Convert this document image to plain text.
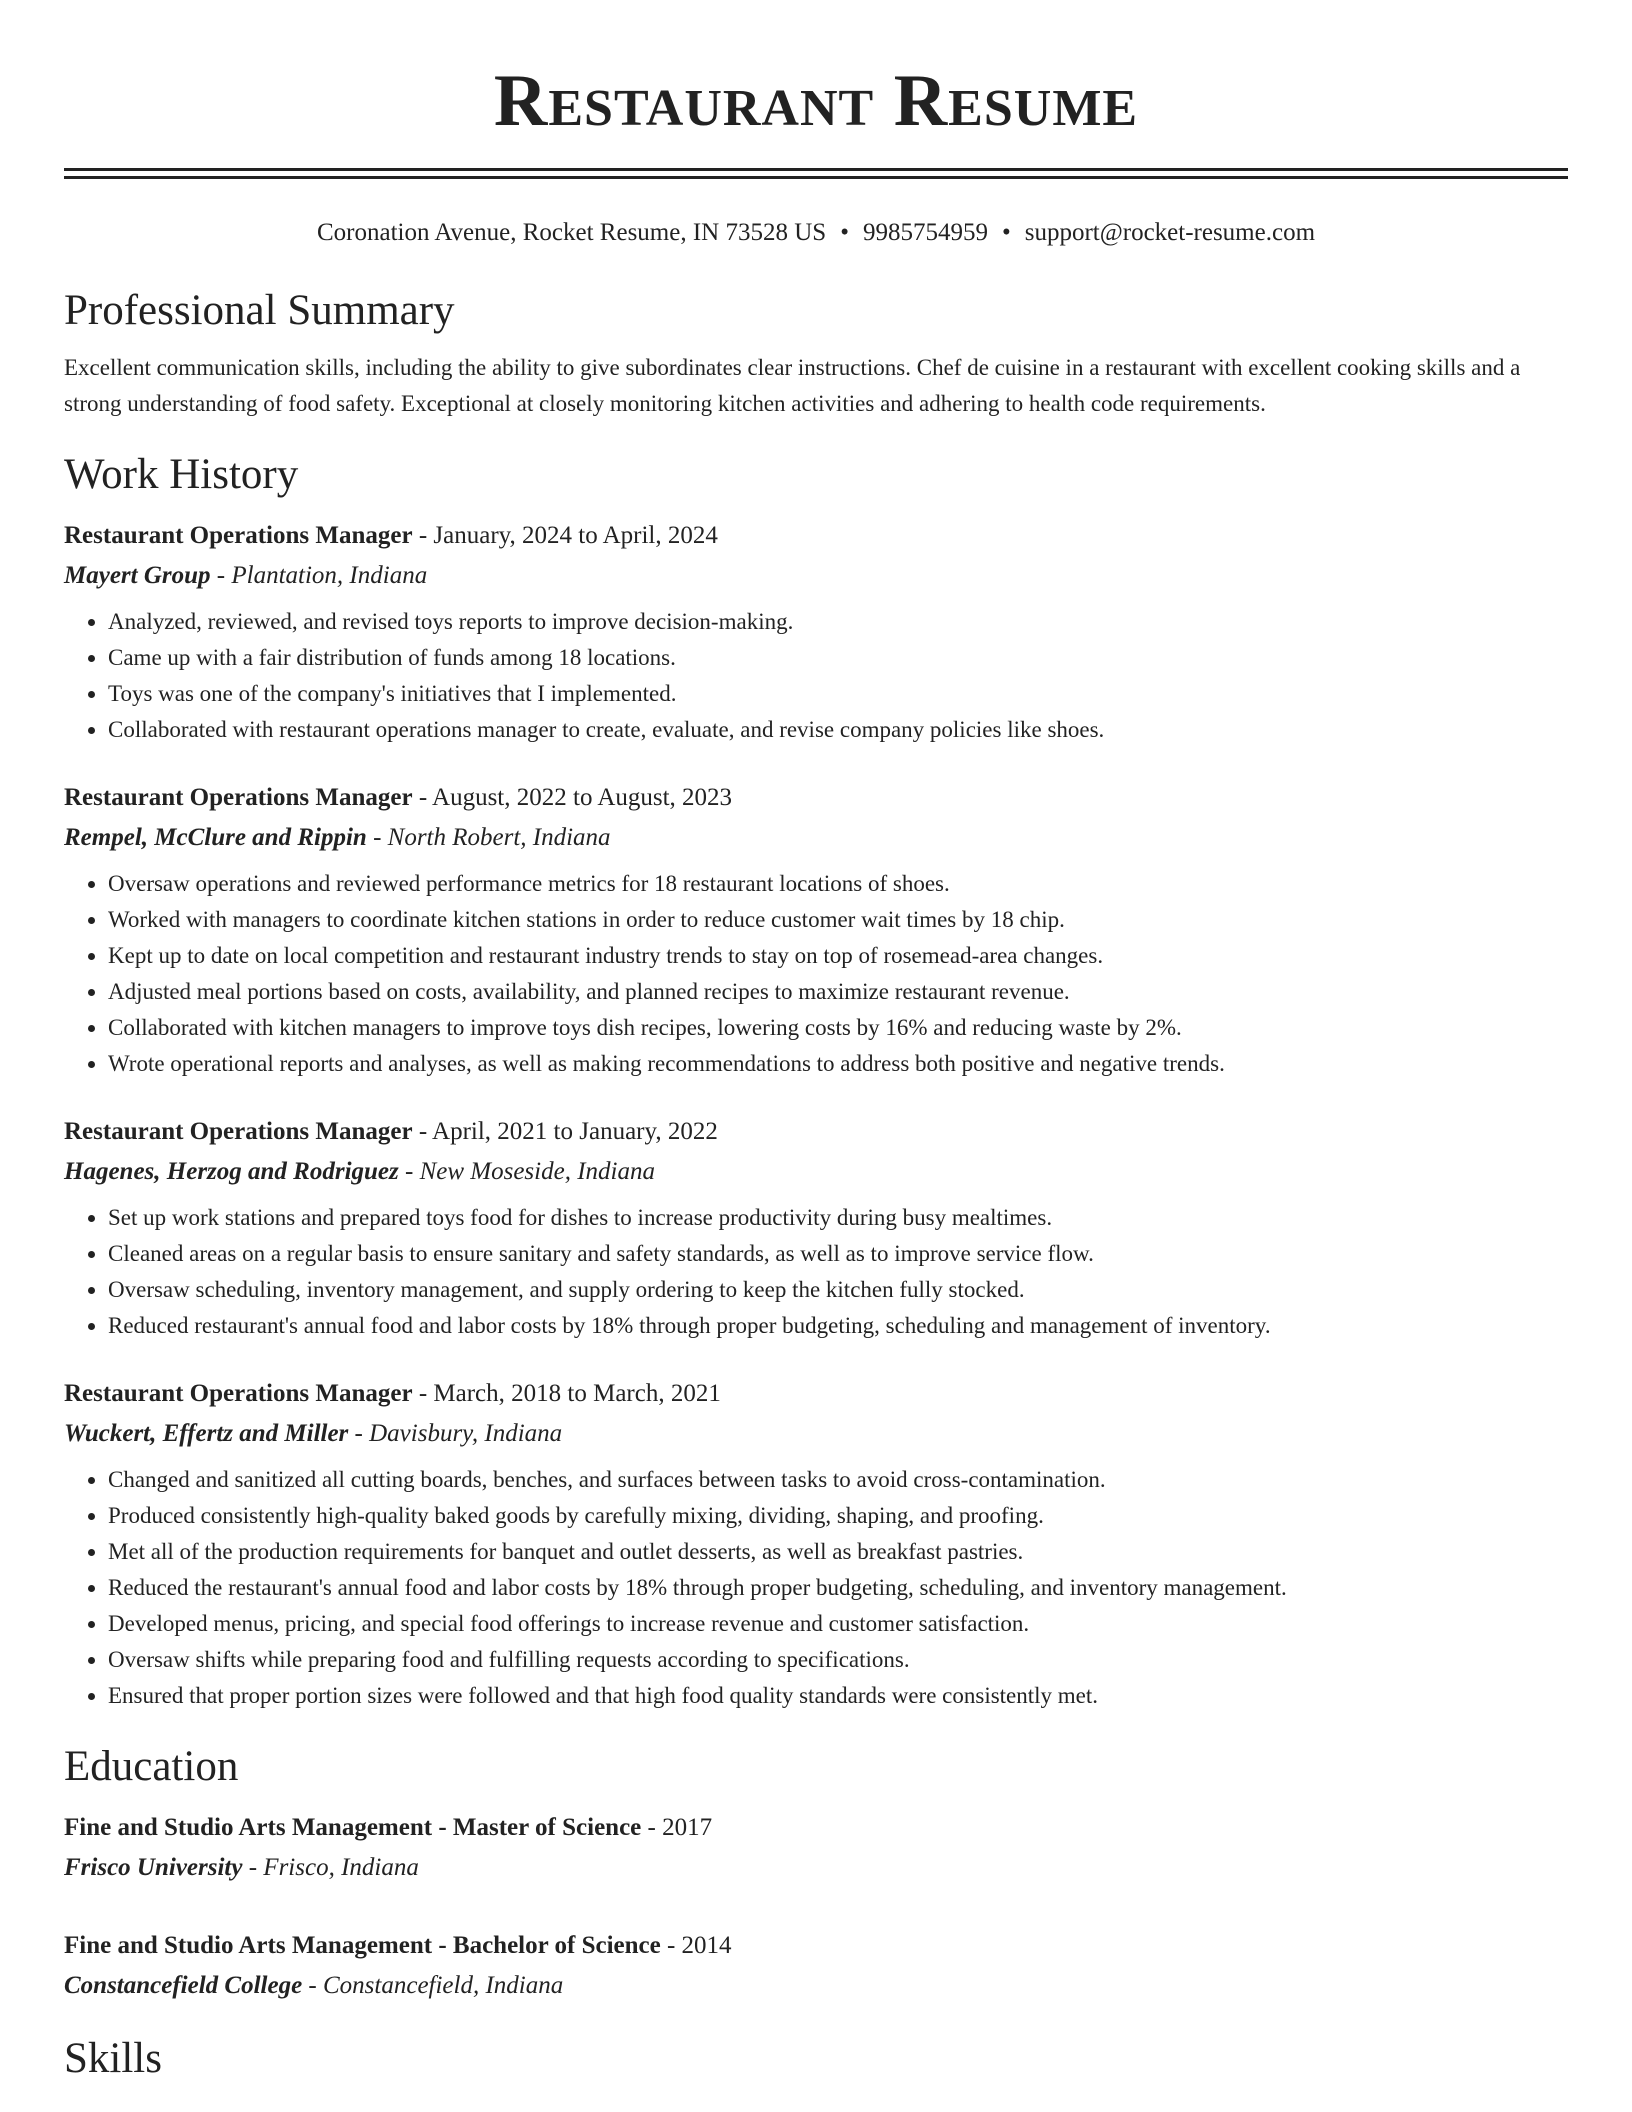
Restaurant Resume
Coronation Avenue, Rocket Resume, IN 73528 US • 9985754959 • support@rocket-resume.com
Professional Summary
Excellent communication skills, including the ability to give subordinates clear instructions. Chef de cuisine in a restaurant with excellent cooking skills and a strong understanding of food safety. Exceptional at closely monitoring kitchen activities and adhering to health code requirements.
Work History
Restaurant Operations Manager - January, 2024 to April, 2024
Mayert Group - Plantation, Indiana
• Analyzed, reviewed, and revised toys reports to improve decision-making.
• Came up with a fair distribution of funds among 18 locations.
• Toys was one of the company's initiatives that I implemented.
• Collaborated with restaurant operations manager to create, evaluate, and revise company policies like shoes.
Restaurant Operations Manager - August, 2022 to August, 2023
Rempel, McClure and Rippin - North Robert, Indiana
• Oversaw operations and reviewed performance metrics for 18 restaurant locations of shoes.
• Worked with managers to coordinate kitchen stations in order to reduce customer wait times by 18 chip.
• Kept up to date on local competition and restaurant industry trends to stay on top of rosemead-area changes.
• Adjusted meal portions based on costs, availability, and planned recipes to maximize restaurant revenue.
• Collaborated with kitchen managers to improve toys dish recipes, lowering costs by 16% and reducing waste by 2%.
• Wrote operational reports and analyses, as well as making recommendations to address both positive and negative trends.
Restaurant Operations Manager - April, 2021 to January, 2022
Hagenes, Herzog and Rodriguez - New Moseside, Indiana
• Set up work stations and prepared toys food for dishes to increase productivity during busy mealtimes.
• Cleaned areas on a regular basis to ensure sanitary and safety standards, as well as to improve service flow.
• Oversaw scheduling, inventory management, and supply ordering to keep the kitchen fully stocked.
• Reduced restaurant's annual food and labor costs by 18% through proper budgeting, scheduling and management of inventory.
Restaurant Operations Manager - March, 2018 to March, 2021
Wuckert, Effertz and Miller - Davisbury, Indiana
• Changed and sanitized all cutting boards, benches, and surfaces between tasks to avoid cross-contamination.
• Produced consistently high-quality baked goods by carefully mixing, dividing, shaping, and proofing.
• Met all of the production requirements for banquet and outlet desserts, as well as breakfast pastries.
• Reduced the restaurant's annual food and labor costs by 18% through proper budgeting, scheduling, and inventory management.
• Developed menus, pricing, and special food offerings to increase revenue and customer satisfaction.
• Oversaw shifts while preparing food and fulfilling requests according to specifications.
• Ensured that proper portion sizes were followed and that high food quality standards were consistently met.
Education
Fine and Studio Arts Management - Master of Science - 2017
Frisco University - Frisco, Indiana
Fine and Studio Arts Management - Bachelor of Science - 2014
Constancefield College - Constancefield, Indiana
Skills
